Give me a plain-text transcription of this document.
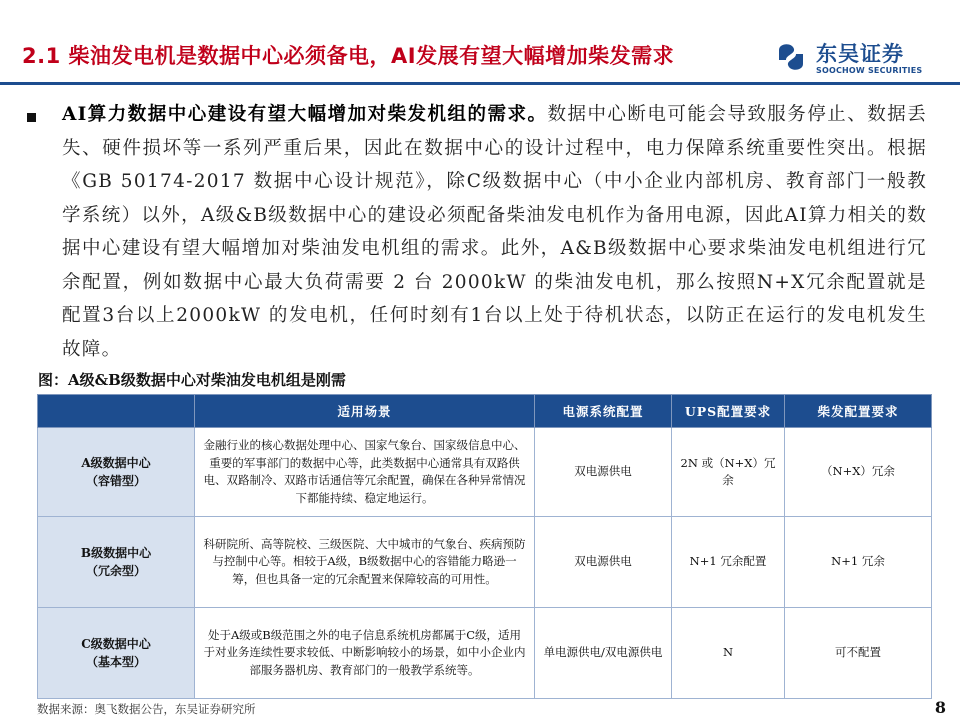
2.1 柴油发电机是数据中心必须备电，AI发展有望大幅增加柴发需求	东吴证券
SOOCHOW SECURITIES
AI算力数据中心建设有望大幅增加对柴发机组的需求。数据中心断电可能会导致服务停止、数据丢失、硬件损坏等一系列严重后果，因此在数据中心的设计过程中，电力保障系统重要性突出。根据《GB 50174-2017 数据中心设计规范》，除C级数据中心（中小企业内部机房、教育部门一般教学系统）以外，A级&B级数据中心的建设必须配备柴油发电机作为备用电源，因此AI算力相关的数据中心建设有望大幅增加对柴油发电机组的需求。此外，A&B级数据中心要求柴油发电机组进行冗余配置，例如数据中心最大负荷需要 2 台 2000kW 的柴油发电机，那么按照N+X冗余配置就是配置3台以上2000kW 的发电机，任何时刻有1台以上处于待机状态，以防正在运行的发电机发生故障。
图：A级&B级数据中心对柴油发电机组是刚需
	适用场景	电源系统配置	UPS配置要求	柴发配置要求

A级数据中心
（容错型）	金融行业的核心数据处理中心、国家气象台、国家级信息中心、重要的军事部门的数据中心等，此类数据中心通常具有双路供电、双路制冷、双路市话通信等冗余配置，确保在各种异常情况下都能持续、稳定地运行。	双电源供电	2N 或（N+X）冗余	（N+X）冗余

B级数据中心
（冗余型）	科研院所、高等院校、三级医院、大中城市的气象台、疾病预防与控制中心等。相较于A级，B级数据中心的容错能力略逊一筹，但也具备一定的冗余配置来保障较高的可用性。	双电源供电	N+1 冗余配置	N+1 冗余

C级数据中心
（基本型）	处于A级或B级范围之外的电子信息系统机房都属于C级，适用于对业务连续性要求较低、中断影响较小的场景，如中小企业内部服务器机房、教育部门的一般教学系统等。	单电源供电/双电源供电	N	可不配置
数据来源：奥飞数据公告，东吴证券研究所	8
